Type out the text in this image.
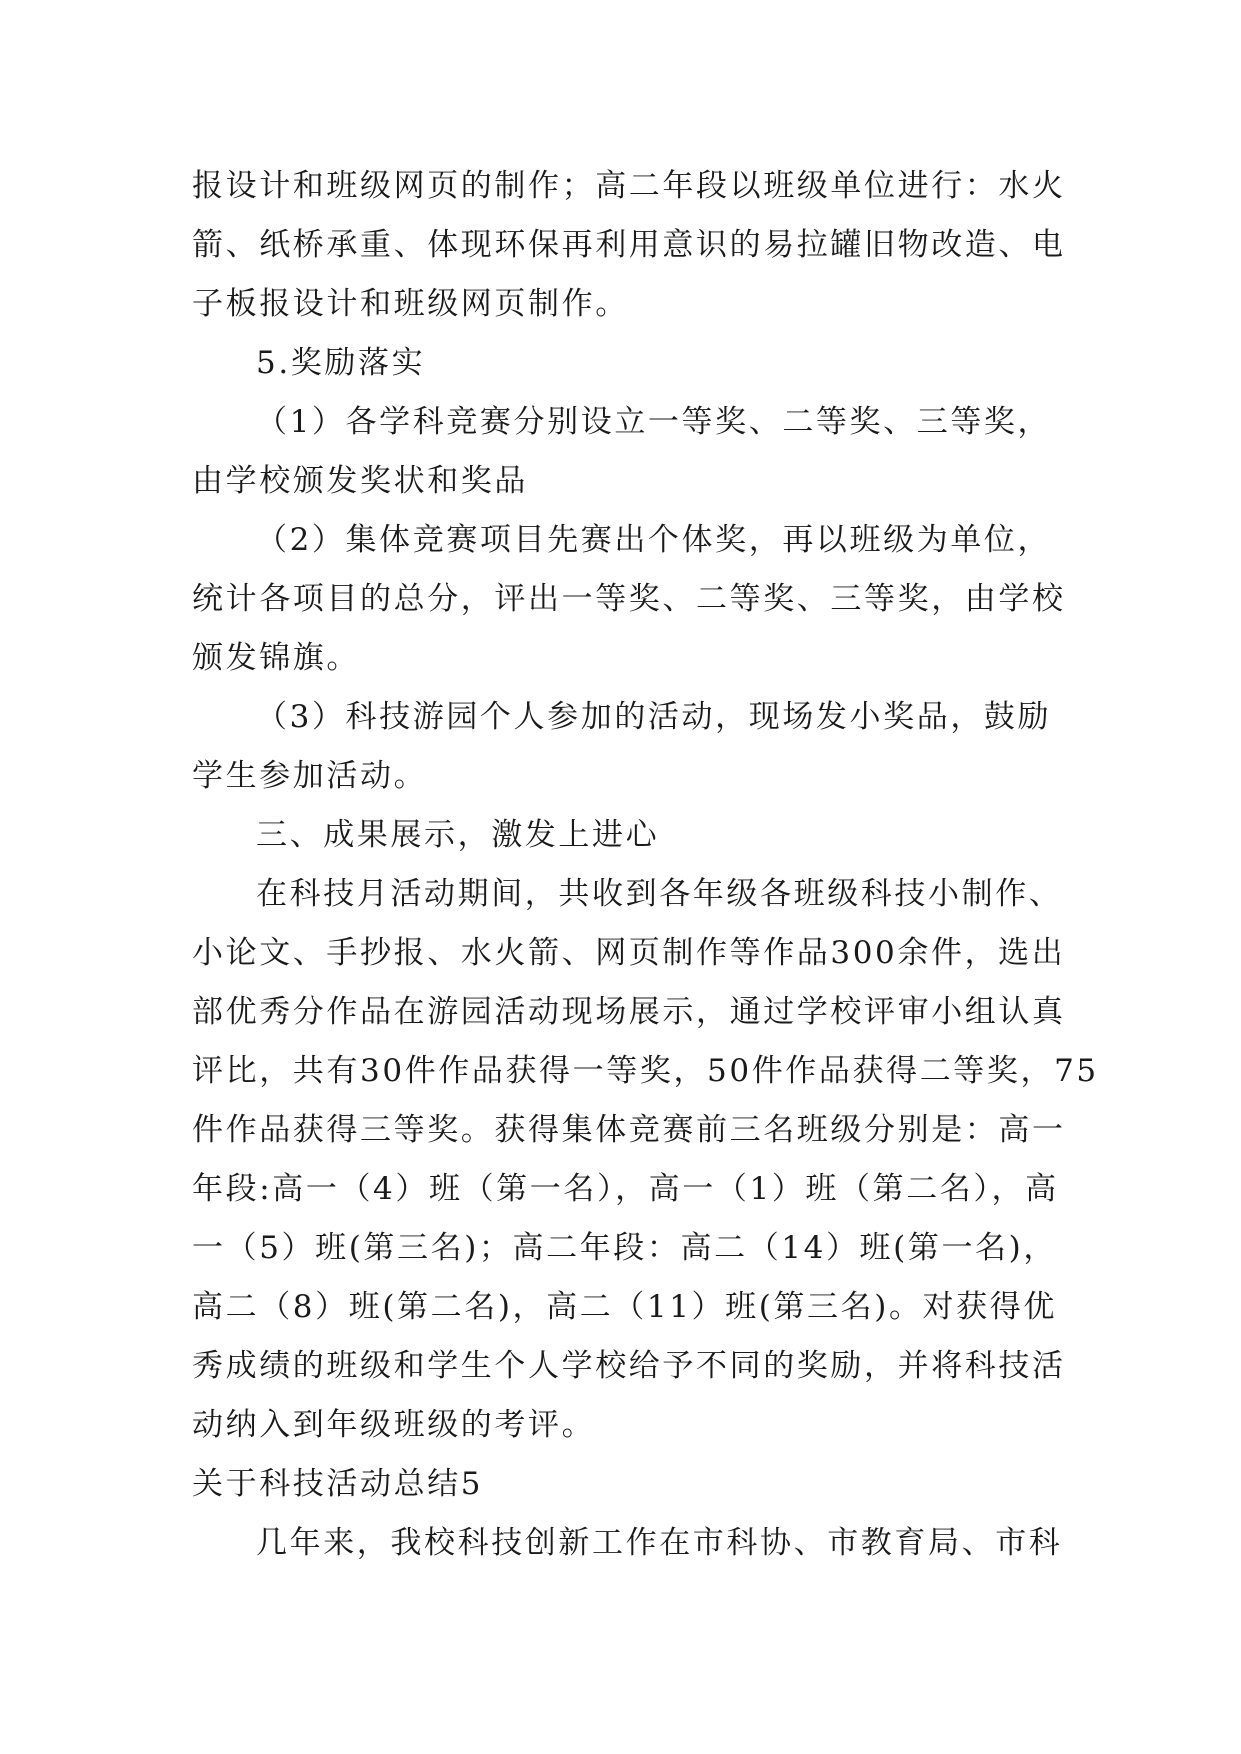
报设计和班级网页的制作；高二年段以班级单位进行：水火
箭、纸桥承重、体现环保再利用意识的易拉罐旧物改造、电
子板报设计和班级网页制作。
5.奖励落实
（1）各学科竞赛分别设立一等奖、二等奖、三等奖，
由学校颁发奖状和奖品
（2）集体竞赛项目先赛出个体奖，再以班级为单位，
统计各项目的总分，评出一等奖、二等奖、三等奖，由学校
颁发锦旗。
（3）科技游园个人参加的活动，现场发小奖品，鼓励
学生参加活动。
三、成果展示，激发上进心
在科技月活动期间，共收到各年级各班级科技小制作、
小论文、手抄报、水火箭、网页制作等作品300余件，选出
部优秀分作品在游园活动现场展示，通过学校评审小组认真
评比，共有30件作品获得一等奖，50件作品获得二等奖，75
件作品获得三等奖。获得集体竞赛前三名班级分别是：高一
年段:高一（4）班（第一名），高一（1）班（第二名），高
一（5）班(第三名)；高二年段：高二（14）班(第一名)，
高二（8）班(第二名)，高二（11）班(第三名)。对获得优
秀成绩的班级和学生个人学校给予不同的奖励，并将科技活
动纳入到年级班级的考评。
关于科技活动总结5
几年来，我校科技创新工作在市科协、市教育局、市科
